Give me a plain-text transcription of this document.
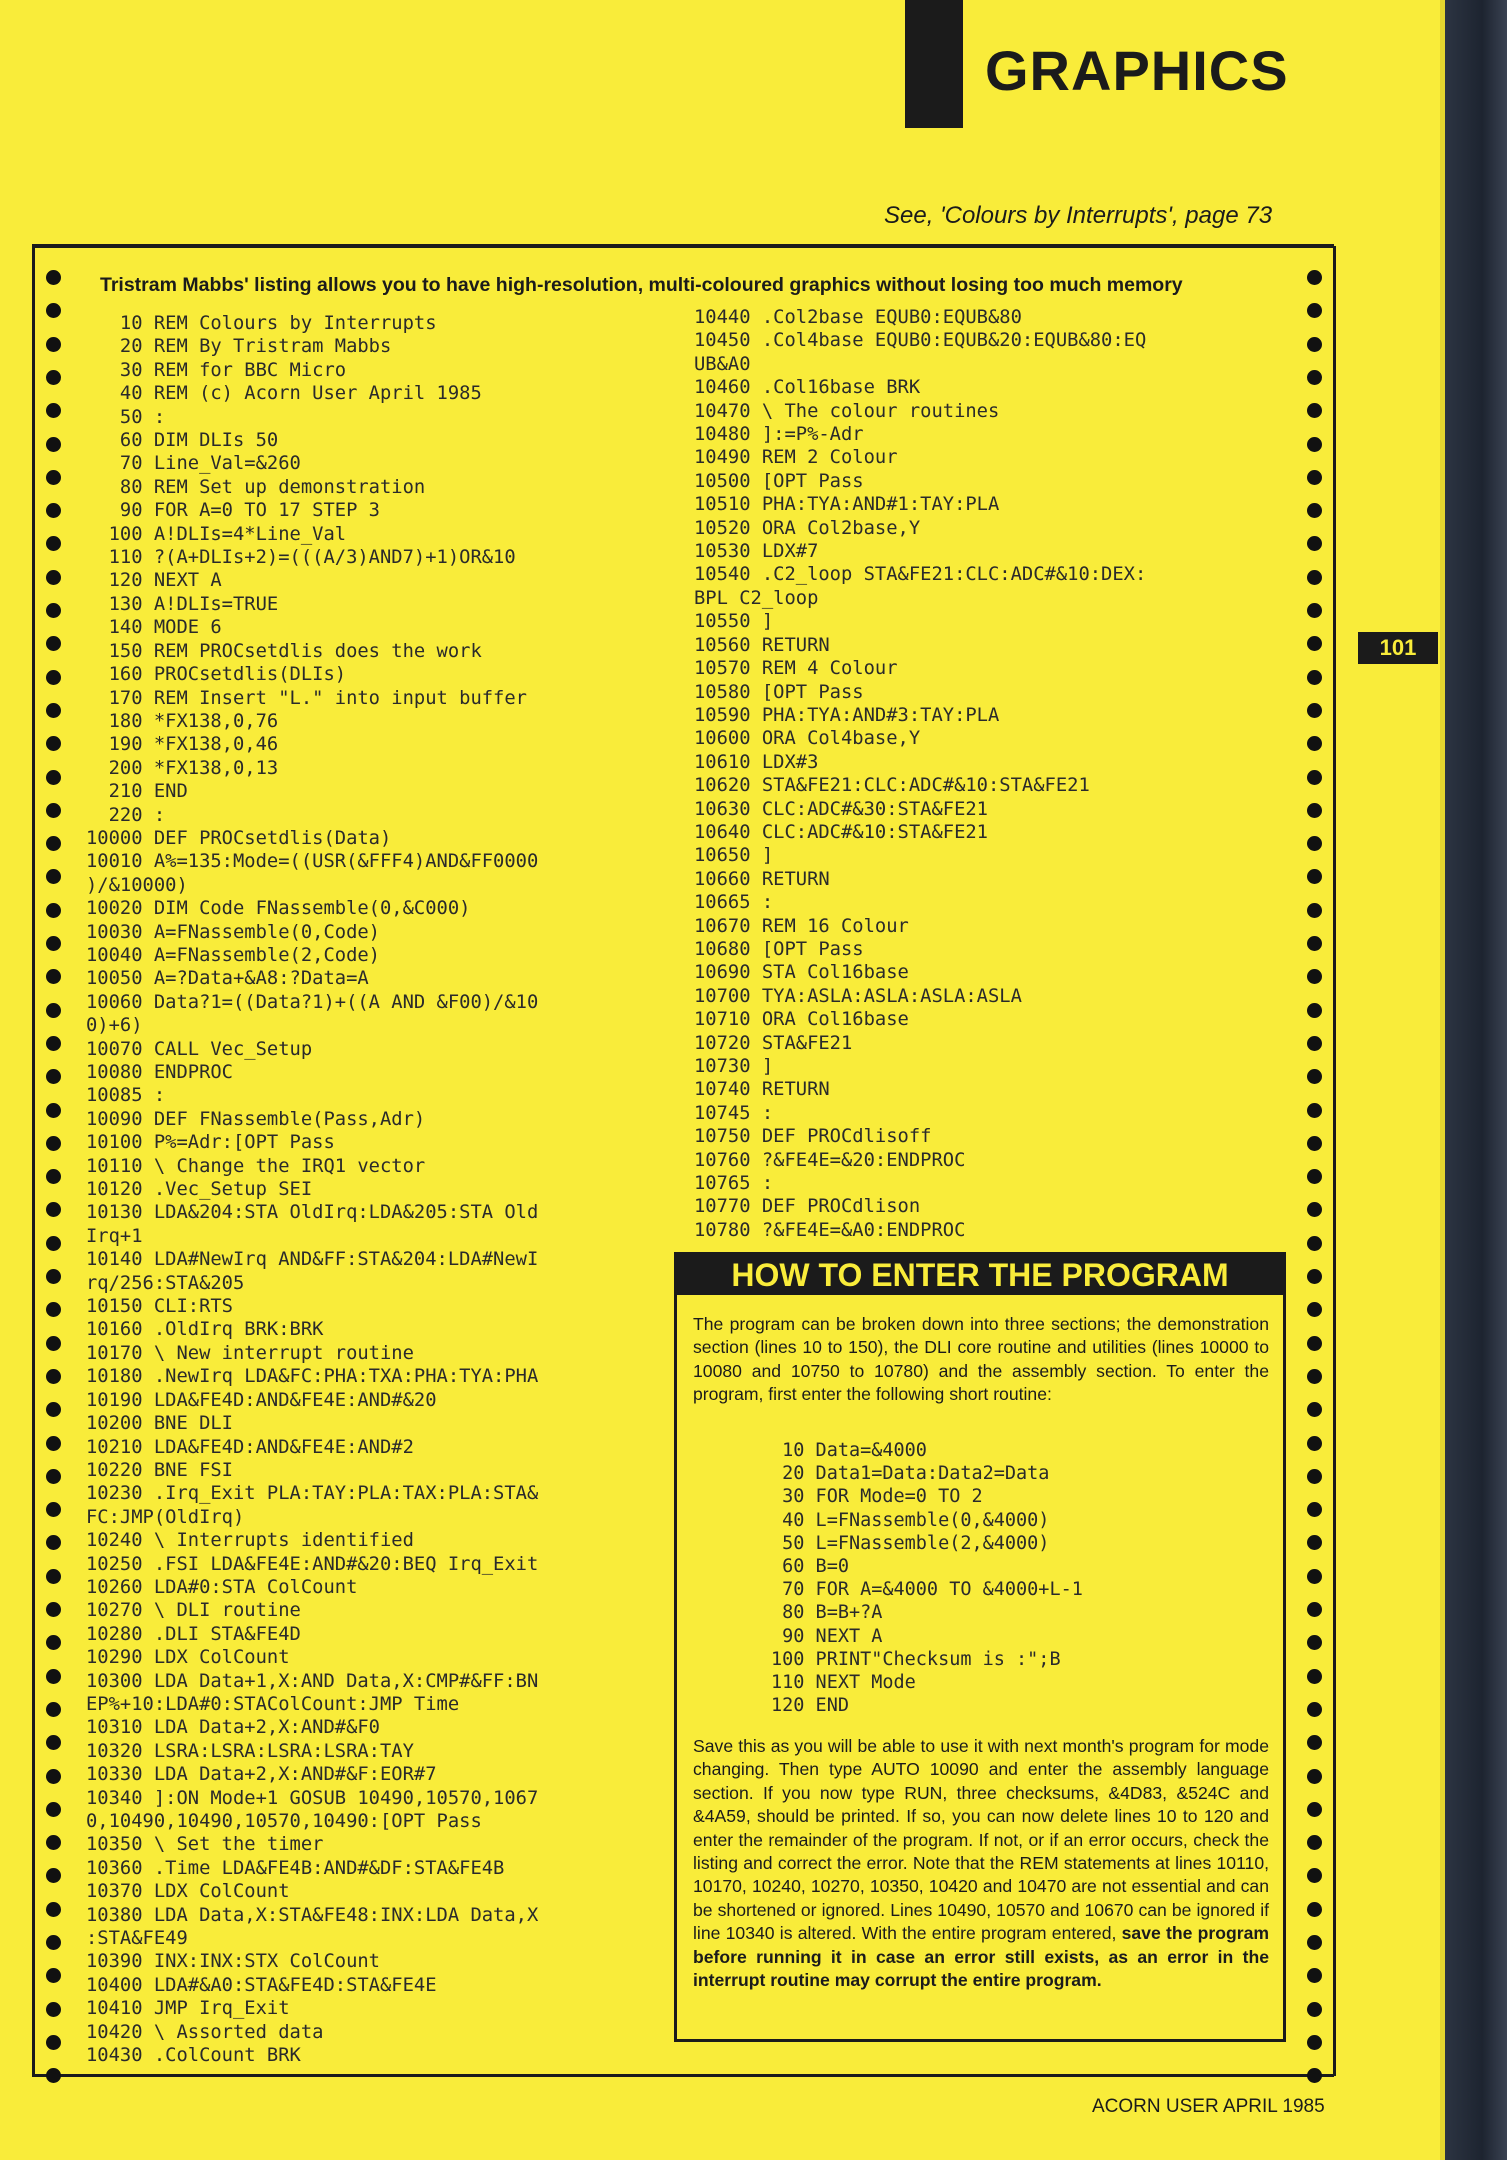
GRAPHICS
See, 'Colours by Interrupts', page 73
Tristram Mabbs' listing allows you to have high-resolution, multi-coloured graphics without losing too much memory
10 REM Colours by Interrupts
20 REM By Tristram Mabbs
30 REM for BBC Micro
40 REM (c) Acorn User April 1985
50 :
60 DIM DLIs 50
70 Line_Val=&260
80 REM Set up demonstration
90 FOR A=0 TO 17 STEP 3
100 A!DLIs=4*Line_Val
110 ?(A+DLIs+2)=(((A/3)AND7)+1)OR&10
120 NEXT A
130 A!DLIs=TRUE
140 MODE 6
150 REM PROCsetdlis does the work
160 PROCsetdlis(DLIs)
170 REM Insert "L." into input buffer
180 *FX138,0,76
190 *FX138,0,46
200 *FX138,0,13
210 END
220 :
10000 DEF PROCsetdlis(Data)
10010 A%=135:Mode=((USR(&FFF4)AND&FF0000
)/&10000)
10020 DIM Code FNassemble(0,&C000)
10030 A=FNassemble(0,Code)
10040 A=FNassemble(2,Code)
10050 A=?Data+&A8:?Data=A
10060 Data?1=((Data?1)+((A AND &F00)/&10
0)+6)
10070 CALL Vec_Setup
10080 ENDPROC
10085 :
10090 DEF FNassemble(Pass,Adr)
10100 P%=Adr:[OPT Pass
10110 \ Change the IRQ1 vector
10120 .Vec_Setup SEI
10130 LDA&204:STA OldIrq:LDA&205:STA Old
Irq+1
10140 LDA#NewIrq AND&FF:STA&204:LDA#NewI
rq/256:STA&205
10150 CLI:RTS
10160 .OldIrq BRK:BRK
10170 \ New interrupt routine
10180 .NewIrq LDA&FC:PHA:TXA:PHA:TYA:PHA
10190 LDA&FE4D:AND&FE4E:AND#&20
10200 BNE DLI
10210 LDA&FE4D:AND&FE4E:AND#2
10220 BNE FSI
10230 .Irq_Exit PLA:TAY:PLA:TAX:PLA:STA&
FC:JMP(OldIrq)
10240 \ Interrupts identified
10250 .FSI LDA&FE4E:AND#&20:BEQ Irq_Exit
10260 LDA#0:STA ColCount
10270 \ DLI routine
10280 .DLI STA&FE4D
10290 LDX ColCount
10300 LDA Data+1,X:AND Data,X:CMP#&FF:BN
EP%+10:LDA#0:STAColCount:JMP Time
10310 LDA Data+2,X:AND#&F0
10320 LSRA:LSRA:LSRA:LSRA:TAY
10330 LDA Data+2,X:AND#&F:EOR#7
10340 ]:ON Mode+1 GOSUB 10490,10570,1067
0,10490,10490,10570,10490:[OPT Pass
10350 \ Set the timer
10360 .Time LDA&FE4B:AND#&DF:STA&FE4B
10370 LDX ColCount
10380 LDA Data,X:STA&FE48:INX:LDA Data,X
:STA&FE49
10390 INX:INX:STX ColCount
10400 LDA#&A0:STA&FE4D:STA&FE4E
10410 JMP Irq_Exit
10420 \ Assorted data
10430 .ColCount BRK
10440 .Col2base EQUB0:EQUB&80
10450 .Col4base EQUB0:EQUB&20:EQUB&80:EQ
UB&A0
10460 .Col16base BRK
10470 \ The colour routines
10480 ]:=P%-Adr
10490 REM 2 Colour
10500 [OPT Pass
10510 PHA:TYA:AND#1:TAY:PLA
10520 ORA Col2base,Y
10530 LDX#7
10540 .C2_loop STA&FE21:CLC:ADC#&10:DEX:
BPL C2_loop
10550 ]
10560 RETURN
10570 REM 4 Colour
10580 [OPT Pass
10590 PHA:TYA:AND#3:TAY:PLA
10600 ORA Col4base,Y
10610 LDX#3
10620 STA&FE21:CLC:ADC#&10:STA&FE21
10630 CLC:ADC#&30:STA&FE21
10640 CLC:ADC#&10:STA&FE21
10650 ]
10660 RETURN
10665 :
10670 REM 16 Colour
10680 [OPT Pass
10690 STA Col16base
10700 TYA:ASLA:ASLA:ASLA:ASLA
10710 ORA Col16base
10720 STA&FE21
10730 ]
10740 RETURN
10745 :
10750 DEF PROCdlisoff
10760 ?&FE4E=&20:ENDPROC
10765 :
10770 DEF PROCdlison
10780 ?&FE4E=&A0:ENDPROC
HOW TO ENTER THE PROGRAM
The program can be broken down into three sections; the demonstration section (lines 10 to 150), the DLI core routine and utilities (lines 10000 to 10080 and 10750 to 10780) and the assembly section. To enter the program, first enter the following short routine:
10 Data=&4000
20 Data1=Data:Data2=Data
30 FOR Mode=0 TO 2
40 L=FNassemble(0,&4000)
50 L=FNassemble(2,&4000)
60 B=0
70 FOR A=&4000 TO &4000+L-1
80 B=B+?A
90 NEXT A
100 PRINT"Checksum is :";B
110 NEXT Mode
120 END
Save this as you will be able to use it with next month's program for mode changing. Then type AUTO 10090 and enter the assembly language section. If you now type RUN, three checksums, &4D83, &524C and &4A59, should be printed. If so, you can now delete lines 10 to 120 and enter the remainder of the program. If not, or if an error occurs, check the listing and correct the error. Note that the REM statements at lines 10110, 10170, 10240, 10270, 10350, 10420 and 10470 are not essential and can be shortened or ignored. Lines 10490, 10570 and 10670 can be ignored if line 10340 is altered. With the entire program entered, save the program before running it in case an error still exists, as an error in the interrupt routine may corrupt the entire program.
ACORN USER APRIL 1985
101
